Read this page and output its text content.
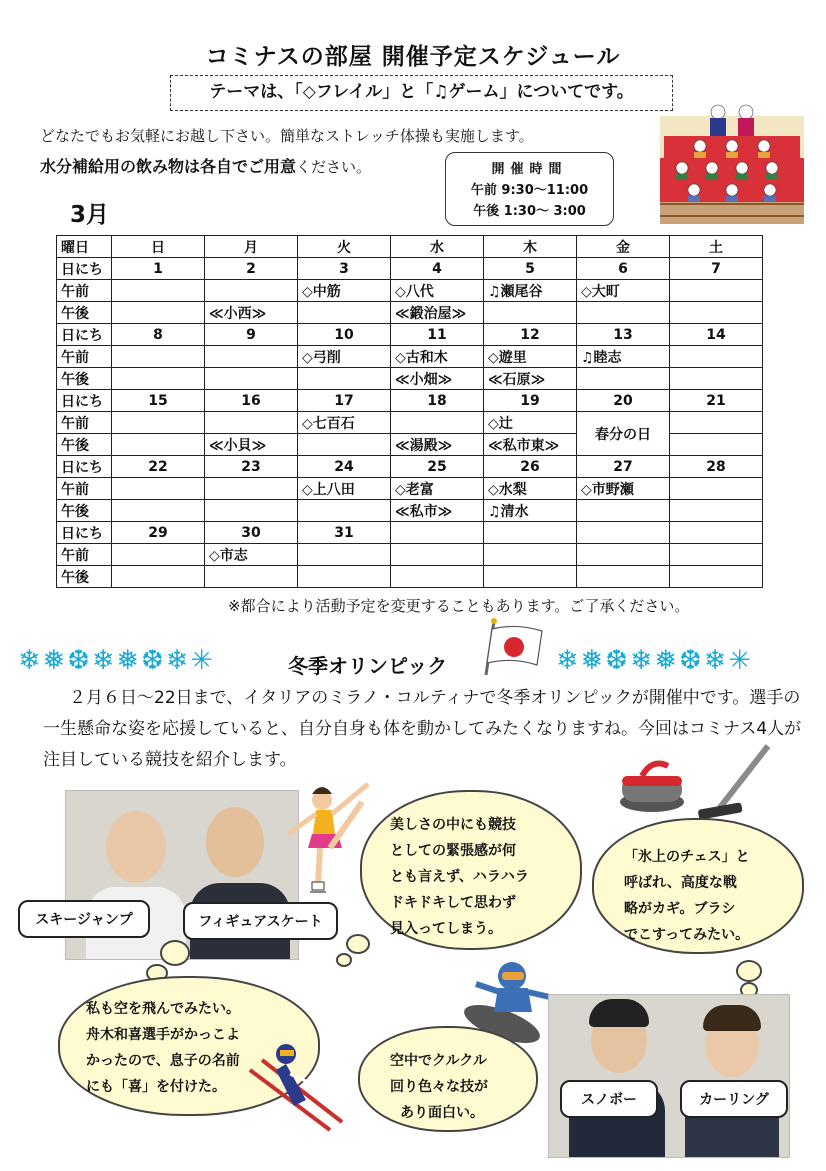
コミナスの部屋 開催予定スケジュール
テーマは、「◇フレイル」と「♫ゲーム」についてです。
どなたでもお気軽にお越し下さい。簡単なストレッチ体操も実施します。
水分補給用の飲み物は各自でご用意ください。	開催時間
午前 9:30〜11:00
午後 1:30〜 3:00
3月
曜日	日	月	火	水	木	金	土
日にち	1	2	3	4	5	6	7
午前			◇中筋	◇八代	♫瀬尾谷	◇大町	
午後		≪小西≫		≪鍛治屋≫			
日にち	8	9	10	11	12	13	14
午前			◇弓削	◇古和木	◇遊里	♫睦志	
午後				≪小畑≫	≪石原≫		
日にち	15	16	17	18	19	20	21
午前			◇七百石		◇辻	春分の日	
午後		≪小貝≫		≪湯殿≫	≪私市東≫		
日にち	22	23	24	25	26	27	28
午前			◇上八田	◇老富	◇水梨	◇市野瀬	
午後				≪私市≫	♫清水		
日にち	29	30	31				
午前		◇市志					
午後							
※都合により活動予定を変更することもあります。ご了承ください。
❄❅❆❄❅❆❄✳	冬季オリンピック	❄❅❆❄❅❆❄✳
２月６日〜22日まで、イタリアのミラノ・コルティナで冬季オリンピックが開催中です。選手の一生懸命な姿を応援していると、自分自身も体を動かしてみたくなりますね。今回はコミナス4人が注目している競技を紹介します。
スキージャンプ	フィギュアスケート
美しさの中にも競技
としての緊張感が何
とも言えず、ハラハラ
ドキドキして思わず
見入ってしまう。
「氷上のチェス」と
呼ばれ、高度な戦
略がカギ。ブラシ
でこすってみたい。
私も空を飛んでみたい。
舟木和喜選手がかっこよ
かったので、息子の名前
にも「喜」を付けた。
空中でクルクル
回り色々な技が
あり面白い。
スノボー	カーリング
